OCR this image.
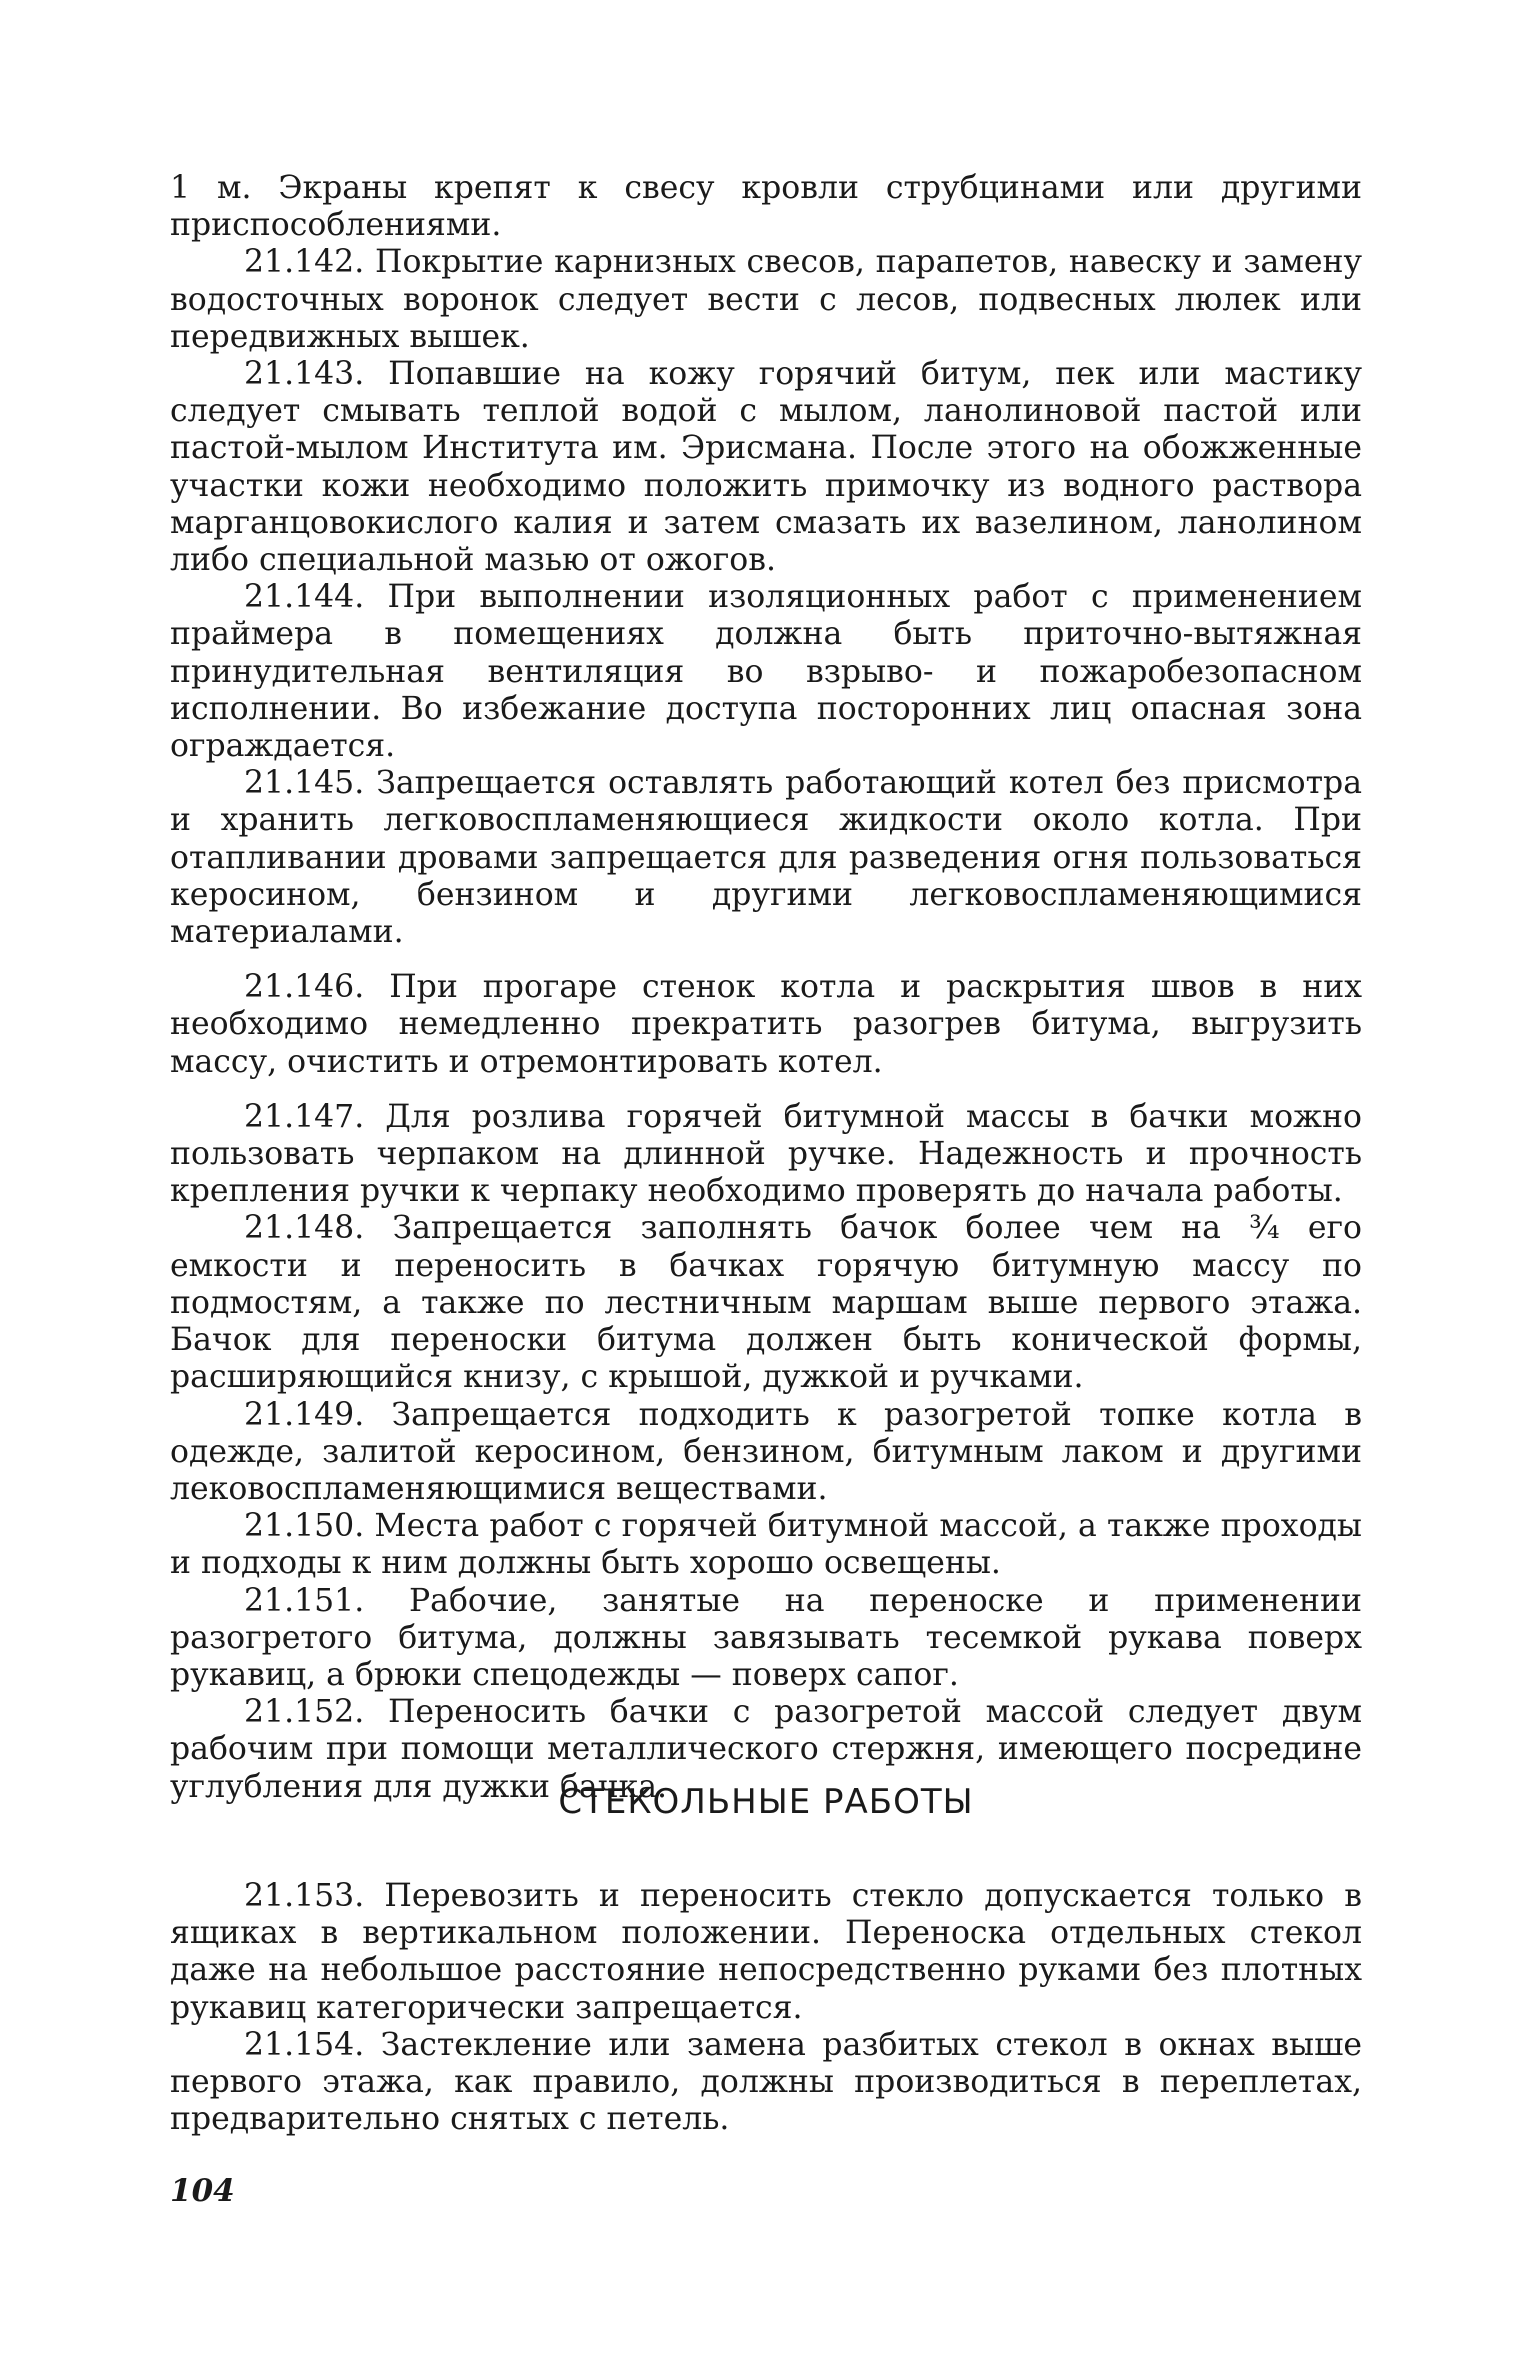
1 м. Экраны крепят к свесу кровли струбцинами или другими приспособлениями.
21.142. Покрытие карнизных свесов, парапетов, навеску и замену водосточных воронок следует вести с лесов, подвесных люлек или передвижных вышек.
21.143. Попавшие на кожу горячий битум, пек или мастику следует смывать теплой водой с мылом, ланолиновой пастой или пастой-мылом Института им. Эрисмана. После этого на обожженные участки кожи необходимо положить примочку из водного раствора марганцовокислого калия и затем смазать их вазелином, ланолином либо специальной мазью от ожогов.
21.144. При выполнении изоляционных работ с применением праймера в помещениях должна быть приточно-вытяжная принудительная вентиляция во взрыво- и пожаробезопасном исполнении. Во избежание доступа посторонних лиц опасная зона ограждается.
21.145. Запрещается оставлять работающий котел без присмотра и хранить легковоспламеняющиеся жидкости около котла. При отапливании дровами запрещается для разведения огня пользоваться керосином, бензином и другими легковоспламеняющимися материалами.
21.146. При прогаре стенок котла и раскрытия швов в них необходимо немедленно прекратить разогрев битума, выгрузить массу, очистить и отремонтировать котел.
21.147. Для розлива горячей битумной массы в бачки можно пользовать черпаком на длинной ручке. Надежность и прочность крепления ручки к черпаку необходимо проверять до начала работы.
21.148. Запрещается заполнять бачок более чем на ¾ его емкости и переносить в бачках горячую битумную массу по подмостям, а также по лестничным маршам выше первого этажа. Бачок для переноски битума должен быть конической формы, расширяющийся книзу, с крышой, дужкой и ручками.
21.149. Запрещается подходить к разогретой топке котла в одежде, залитой керосином, бензином, битумным лаком и другими лековоспламеняющимися веществами.
21.150. Места работ с горячей битумной массой, а также проходы и подходы к ним должны быть хорошо освещены.
21.151. Рабочие, занятые на переноске и применении разогретого битума, должны завязывать тесемкой рукава поверх рукавиц, а брюки спецодежды — поверх сапог.
21.152. Переносить бачки с разогретой массой следует двум рабочим при помощи металлического стержня, имеющего посредине углубления для дужки бачка.
СТЕКОЛЬНЫЕ РАБОТЫ
21.153. Перевозить и переносить стекло допускается только в ящиках в вертикальном положении. Переноска отдельных стекол даже на небольшое расстояние непосредственно руками без плотных рукавиц категорически запрещается.
21.154. Застекление или замена разбитых стекол в окнах выше первого этажа, как правило, должны производиться в переплетах, предварительно снятых с петель.
104
